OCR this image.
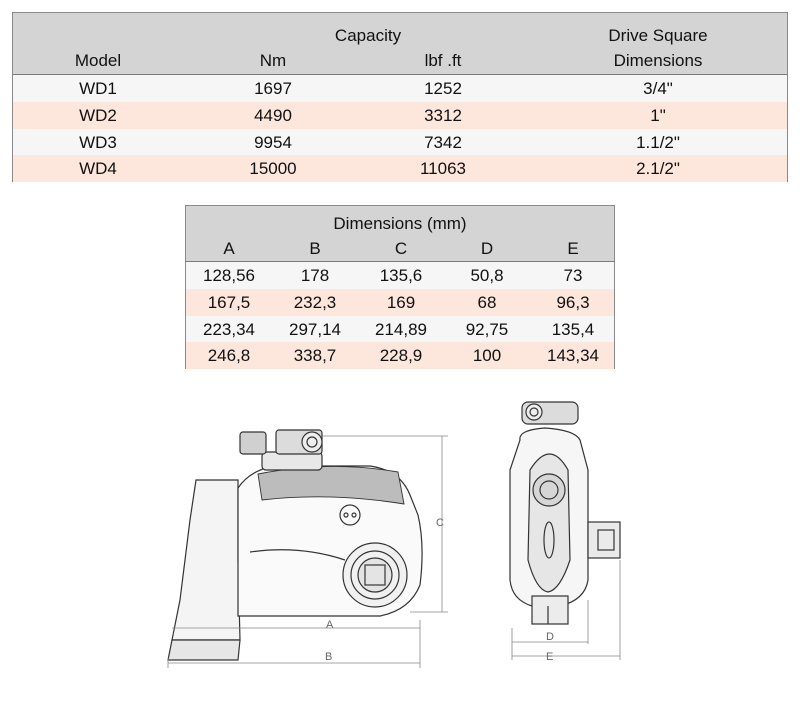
Capacity	Drive Square
Model	Nm	lbf .ft	Dimensions
WD1	1697	1252	3/4"
WD2	4490	3312	1"
WD3	9954	7342	1.1/2"
WD4	15000	11063	2.1/2"
Dimensions (mm)
A	B	C	D	E
128,56	178	135,6	50,8	73
167,5	232,3	169	68	96,3
223,34	297,14	214,89	92,75	135,4
246,8	338,7	228,9	100	143,34
A
B
C
D
E
